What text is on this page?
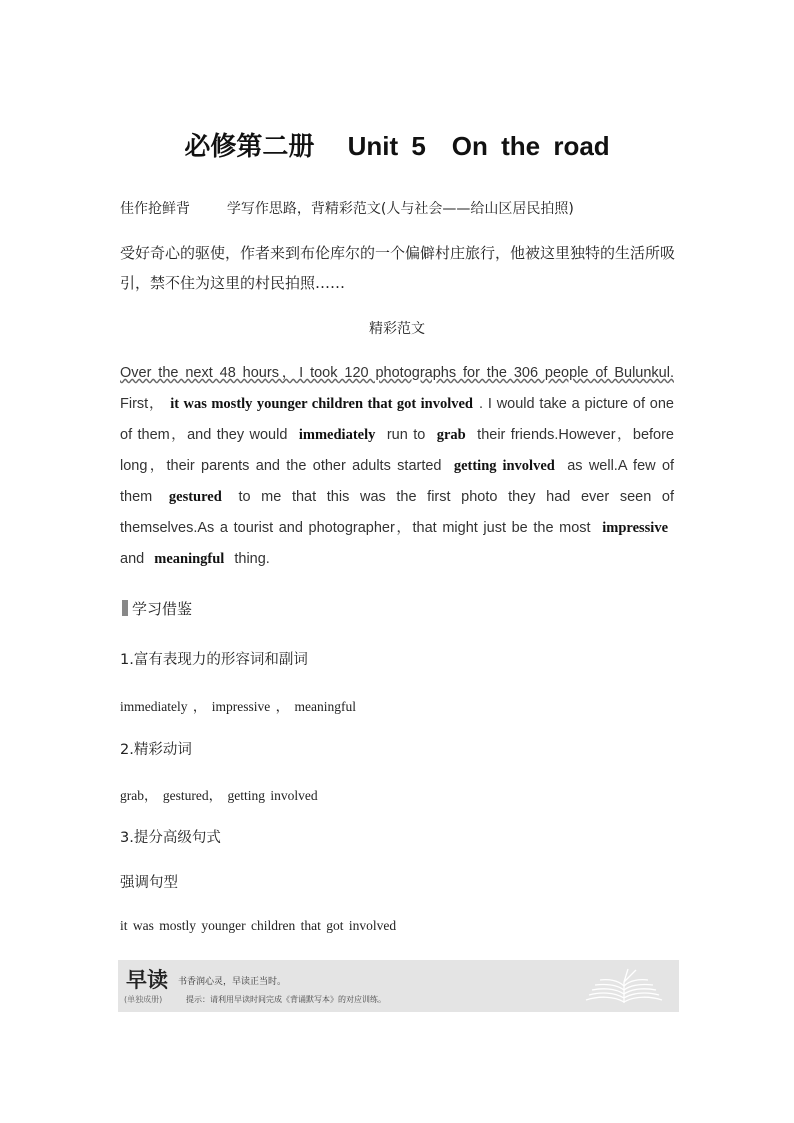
必修第二册 Unit 5　On the road
佳作抢鲜背	学写作思路，背精彩范文(人与社会——给山区居民拍照)
受好奇心的驱使，作者来到布伦库尔的一个偏僻村庄旅行，他被这里独特的生活所吸引，禁不住为这里的村民拍照……
精彩范文
Over the next 48 hours，I took 120 photographs for the 306 people of Bulunkul. First， it was mostly younger children that got involved . I would take a picture of one of them，and they would immediately run to grab their friends.However，before long，their parents and the other adults started getting involved as well.A few of them gestured to me that this was the first photo they had ever seen of themselves.As a tourist and photographer，that might just be the most impressive and meaningful thing.
学习借鉴
1.富有表现力的形容词和副词
immediately ， impressive ， meaningful
2.精彩动词
grab， gestured， getting involved
3.提分高级句式
强调句型
it was mostly younger children that got involved
早读 书香润心灵，早读正当时。
(单独成册)	提示：请利用早读时间完成《背诵默写本》的对应训练。
